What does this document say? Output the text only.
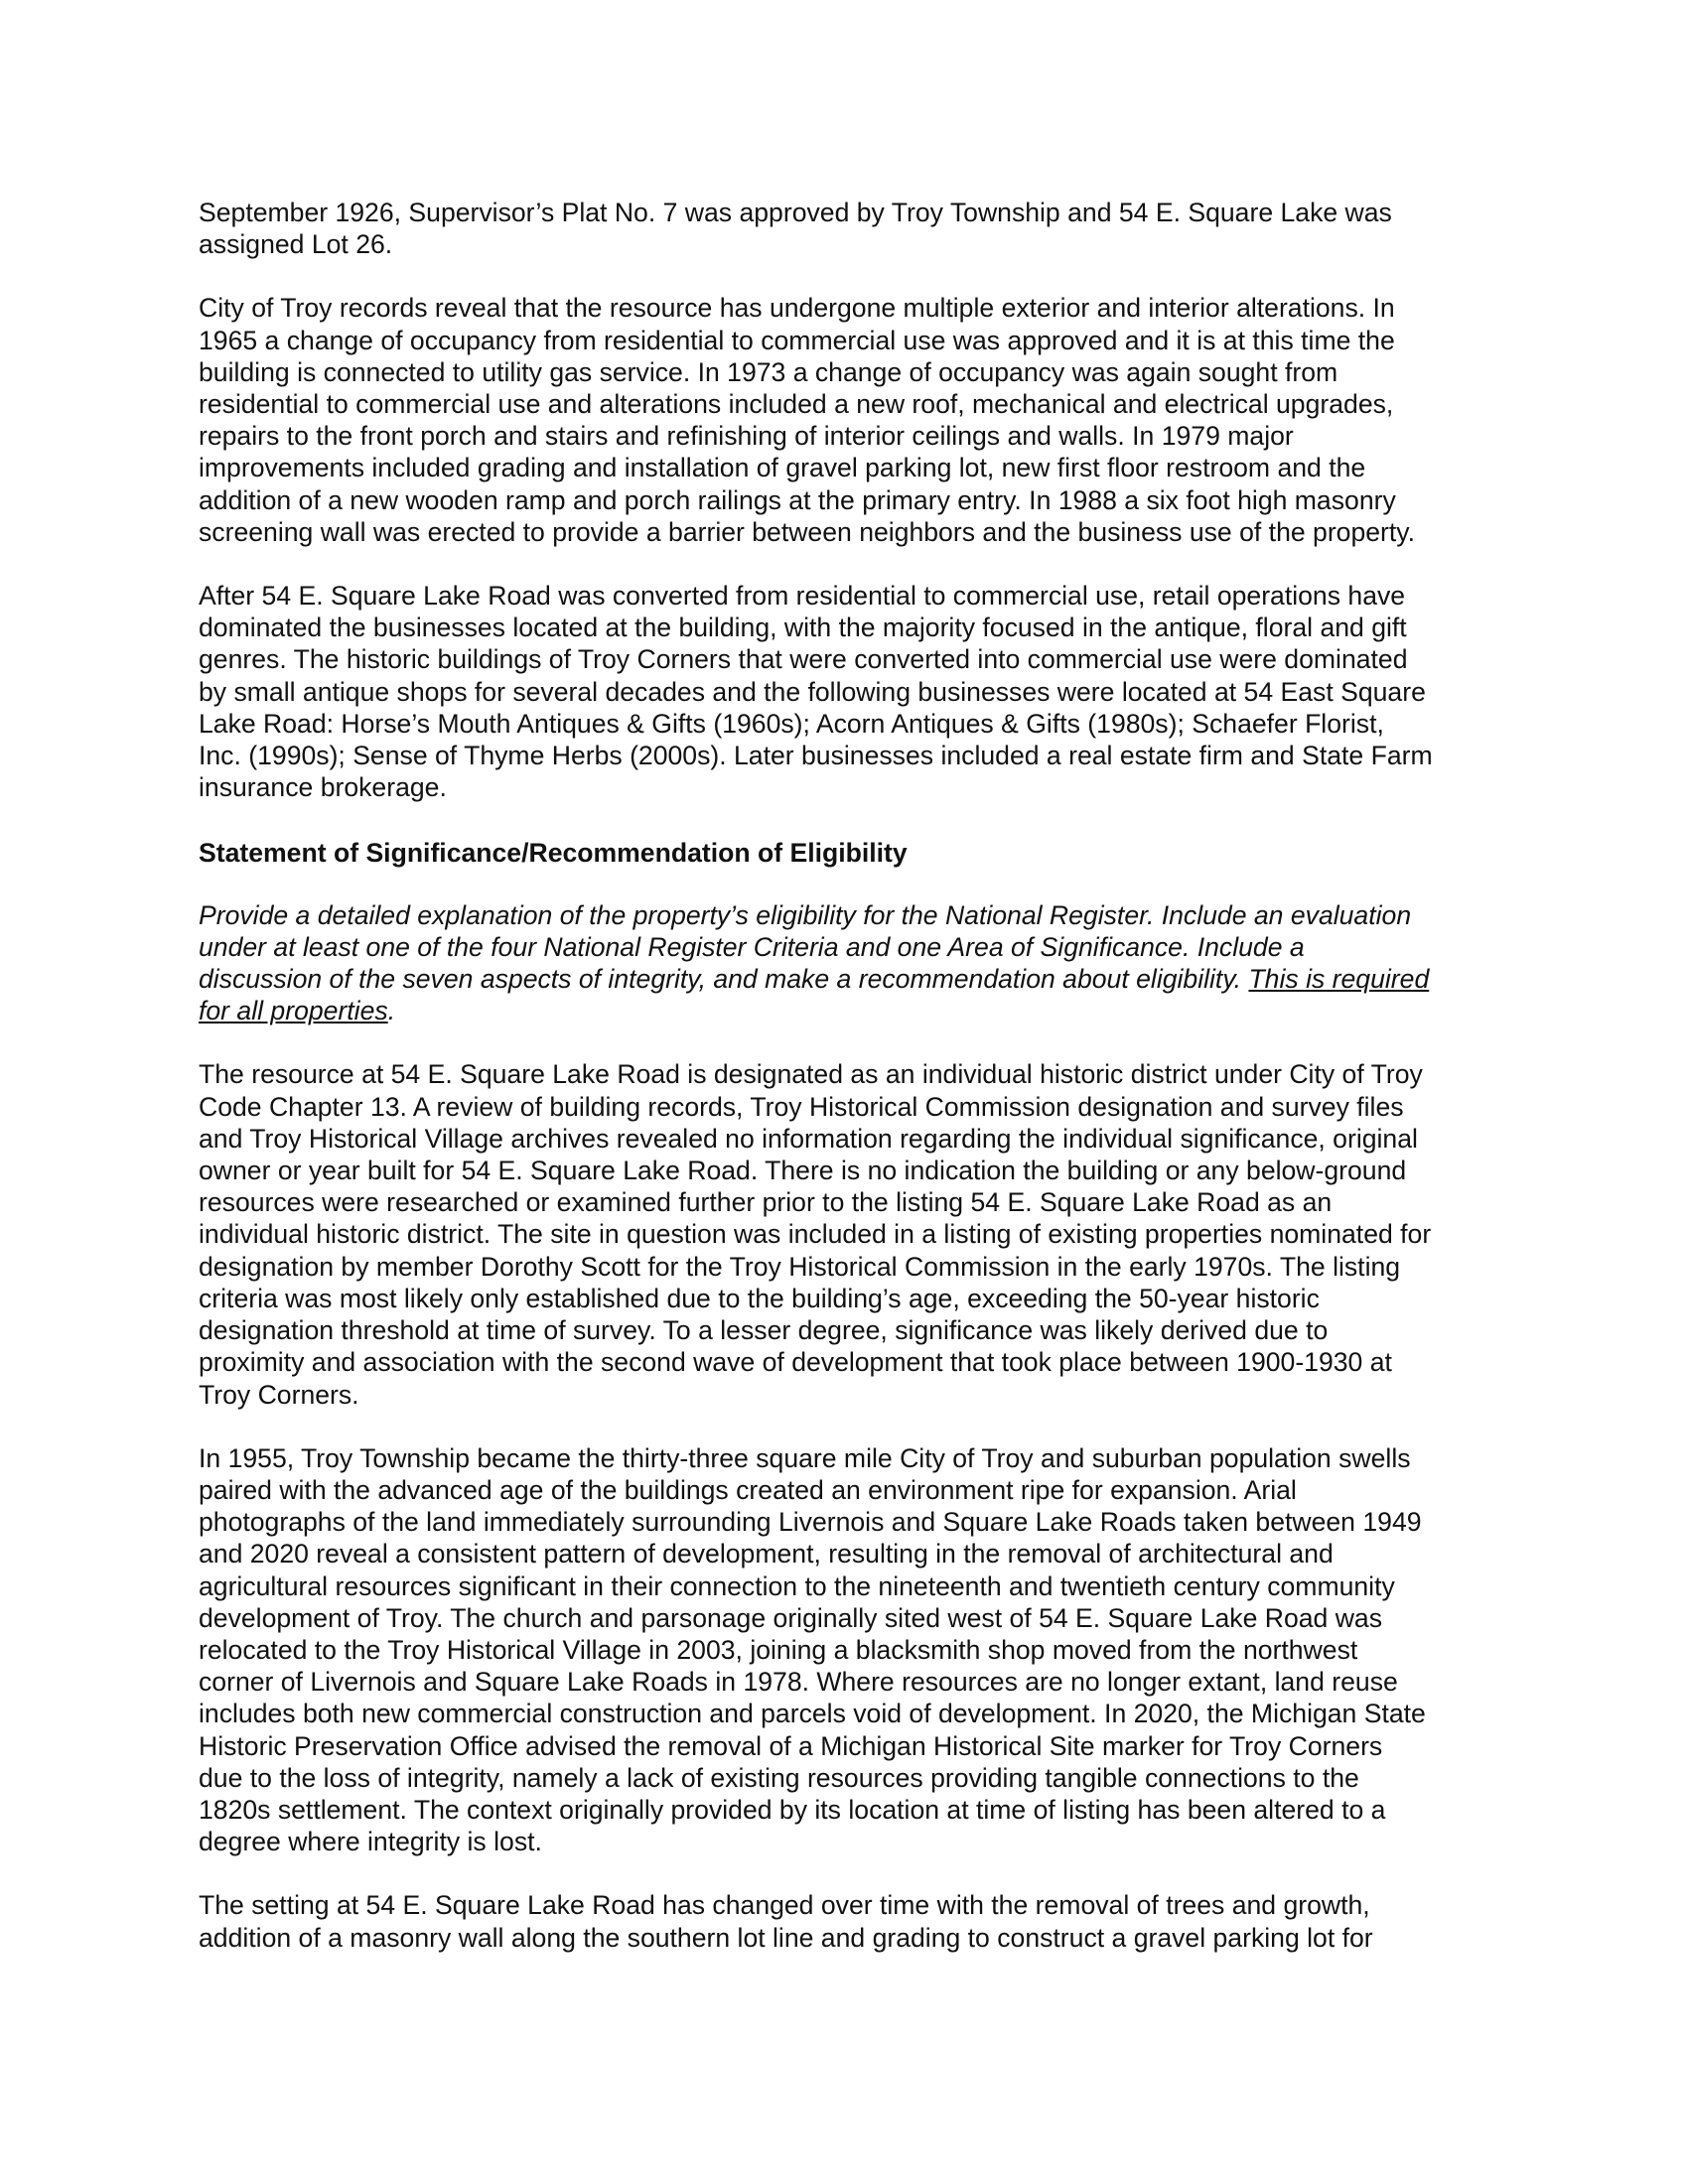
September 1926, Supervisor’s Plat No. 7 was approved by Troy Township and 54 E. Square Lake was
assigned Lot 26.

City of Troy records reveal that the resource has undergone multiple exterior and interior alterations. In
1965 a change of occupancy from residential to commercial use was approved and it is at this time the
building is connected to utility gas service. In 1973 a change of occupancy was again sought from
residential to commercial use and alterations included a new roof, mechanical and electrical upgrades,
repairs to the front porch and stairs and refinishing of interior ceilings and walls. In 1979 major
improvements included grading and installation of gravel parking lot, new first floor restroom and the
addition of a new wooden ramp and porch railings at the primary entry. In 1988 a six foot high masonry
screening wall was erected to provide a barrier between neighbors and the business use of the property.

After 54 E. Square Lake Road was converted from residential to commercial use, retail operations have
dominated the businesses located at the building, with the majority focused in the antique, floral and gift
genres. The historic buildings of Troy Corners that were converted into commercial use were dominated
by small antique shops for several decades and the following businesses were located at 54 East Square
Lake Road: Horse’s Mouth Antiques & Gifts (1960s); Acorn Antiques & Gifts (1980s); Schaefer Florist,
Inc. (1990s); Sense of Thyme Herbs (2000s). Later businesses included a real estate firm and State Farm
insurance brokerage.

Statement of Significance/Recommendation of Eligibility

Provide a detailed explanation of the property’s eligibility for the National Register. Include an evaluation
under at least one of the four National Register Criteria and one Area of Significance. Include a
discussion of the seven aspects of integrity, and make a recommendation about eligibility. This is required
for all properties.

The resource at 54 E. Square Lake Road is designated as an individual historic district under City of Troy
Code Chapter 13. A review of building records, Troy Historical Commission designation and survey files
and Troy Historical Village archives revealed no information regarding the individual significance, original
owner or year built for 54 E. Square Lake Road. There is no indication the building or any below-ground
resources were researched or examined further prior to the listing 54 E. Square Lake Road as an
individual historic district. The site in question was included in a listing of existing properties nominated for
designation by member Dorothy Scott for the Troy Historical Commission in the early 1970s. The listing
criteria was most likely only established due to the building’s age, exceeding the 50-year historic
designation threshold at time of survey. To a lesser degree, significance was likely derived due to
proximity and association with the second wave of development that took place between 1900-1930 at
Troy Corners.

In 1955, Troy Township became the thirty-three square mile City of Troy and suburban population swells
paired with the advanced age of the buildings created an environment ripe for expansion. Arial
photographs of the land immediately surrounding Livernois and Square Lake Roads taken between 1949
and 2020 reveal a consistent pattern of development, resulting in the removal of architectural and
agricultural resources significant in their connection to the nineteenth and twentieth century community
development of Troy. The church and parsonage originally sited west of 54 E. Square Lake Road was
relocated to the Troy Historical Village in 2003, joining a blacksmith shop moved from the northwest
corner of Livernois and Square Lake Roads in 1978. Where resources are no longer extant, land reuse
includes both new commercial construction and parcels void of development. In 2020, the Michigan State
Historic Preservation Office advised the removal of a Michigan Historical Site marker for Troy Corners
due to the loss of integrity, namely a lack of existing resources providing tangible connections to the
1820s settlement. The context originally provided by its location at time of listing has been altered to a
degree where integrity is lost.

The setting at 54 E. Square Lake Road has changed over time with the removal of trees and growth,
addition of a masonry wall along the southern lot line and grading to construct a gravel parking lot for
